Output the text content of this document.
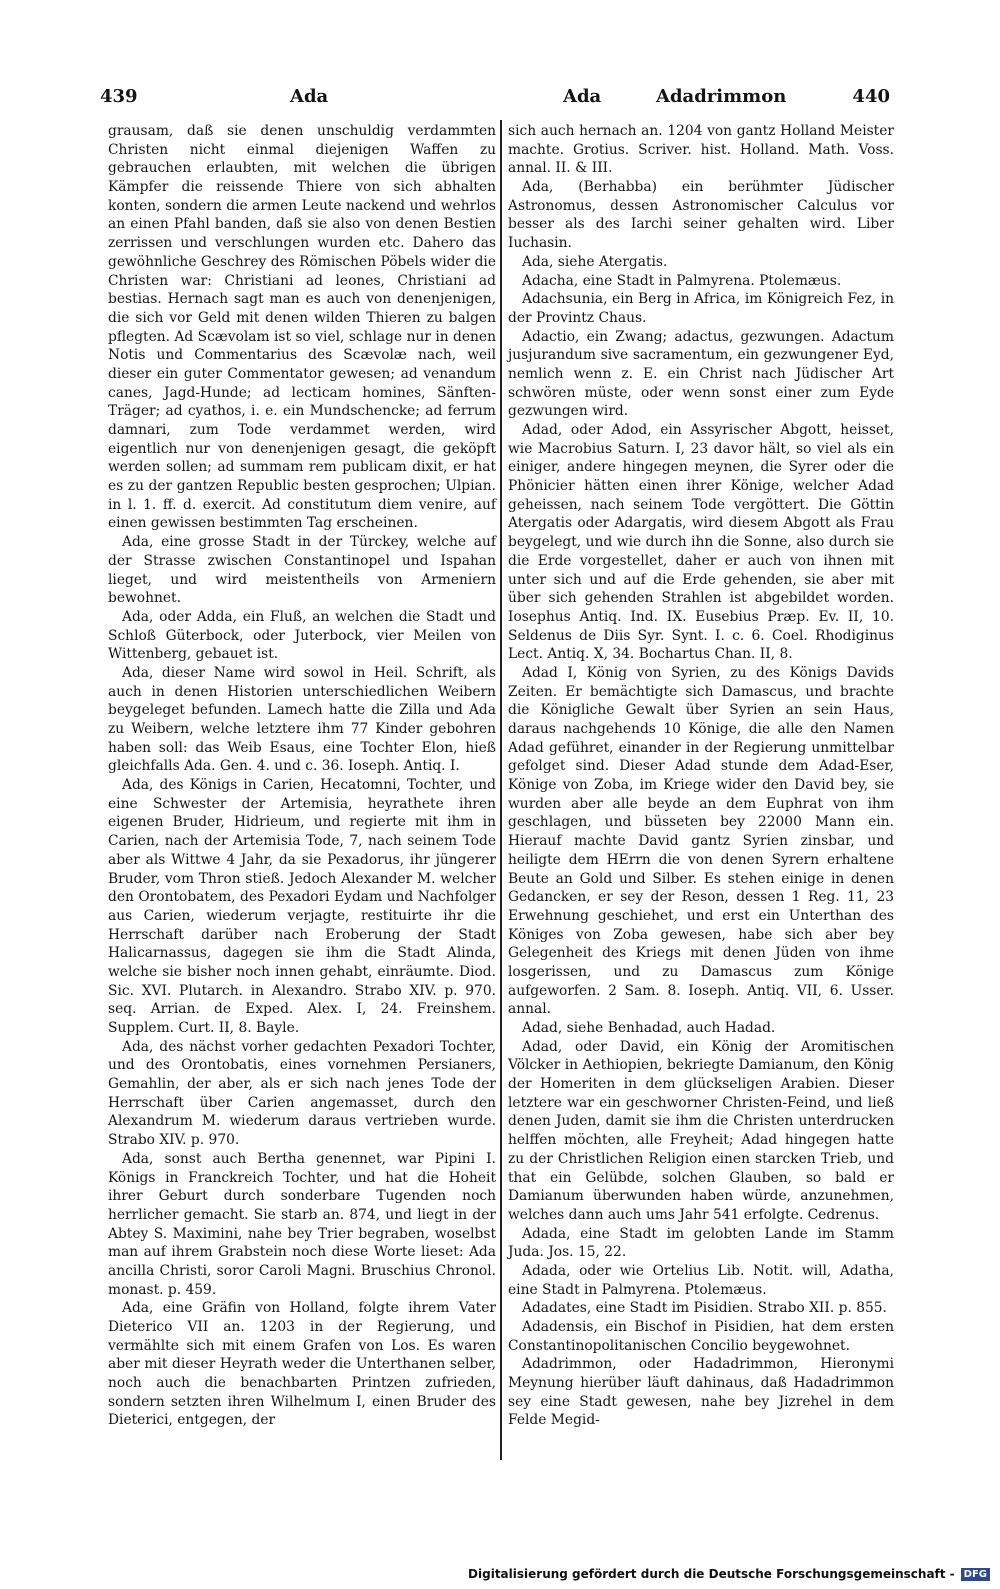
439	Ada	Ada	Adadrimmon	440

grausam, daß sie denen unschuldig verdammten Christen nicht einmal diejenigen Waffen zu gebrauchen erlaubten, mit welchen die übrigen Kämpfer die reissende Thiere von sich abhalten konten, sondern die armen Leute nackend und wehrlos an einen Pfahl banden, daß sie also von denen Bestien zerrissen und verschlungen wurden etc. Dahero das gewöhnliche Geschrey des Römischen Pöbels wider die Christen war: Christiani ad leones, Christiani ad bestias. Hernach sagt man es auch von denenjenigen, die sich vor Geld mit denen wilden Thieren zu balgen pflegten. Ad Scævolam ist so viel, schlage nur in denen Notis und Commentarius des Scævolæ nach, weil dieser ein guter Commentator gewesen; ad venandum canes, Jagd-Hunde; ad lecticam homines, Sänften-Träger; ad cyathos, i. e. ein Mundschencke; ad ferrum damnari, zum Tode verdammet werden, wird eigentlich nur von denenjenigen gesagt, die geköpft werden sollen; ad summam rem publicam dixit, er hat es zu der gantzen Republic besten gesprochen; Ulpian. in l. 1. ff. d. exercit. Ad constitutum diem venire, auf einen gewissen bestimmten Tag erscheinen.

Ada, eine grosse Stadt in der Türckey, welche auf der Strasse zwischen Constantinopel und Ispahan lieget, und wird meistentheils von Armeniern bewohnet.

Ada, oder Adda, ein Fluß, an welchen die Stadt und Schloß Güterbock, oder Juterbock, vier Meilen von Wittenberg, gebauet ist.

Ada, dieser Name wird sowol in Heil. Schrift, als auch in denen Historien unterschiedlichen Weibern beygeleget befunden. Lamech hatte die Zilla und Ada zu Weibern, welche letztere ihm 77 Kinder gebohren haben soll: das Weib Esaus, eine Tochter Elon, hieß gleichfalls Ada. Gen. 4. und c. 36. Ioseph. Antiq. I.

Ada, des Königs in Carien, Hecatomni, Tochter, und eine Schwester der Artemisia, heyrathete ihren eigenen Bruder, Hidrieum, und regierte mit ihm in Carien, nach der Artemisia Tode, 7, nach seinem Tode aber als Wittwe 4 Jahr, da sie Pexadorus, ihr jüngerer Bruder, vom Thron stieß. Jedoch Alexander M. welcher den Orontobatem, des Pexadori Eydam und Nachfolger aus Carien, wiederum verjagte, restituirte ihr die Herrschaft darüber nach Eroberung der Stadt Halicarnassus, dagegen sie ihm die Stadt Alinda, welche sie bisher noch innen gehabt, einräumte. Diod. Sic. XVI. Plutarch. in Alexandro. Strabo XIV. p. 970. seq. Arrian. de Exped. Alex. I, 24. Freinshem. Supplem. Curt. II, 8. Bayle.

Ada, des nächst vorher gedachten Pexadori Tochter, und des Orontobatis, eines vornehmen Persianers, Gemahlin, der aber, als er sich nach jenes Tode der Herrschaft über Carien angemasset, durch den Alexandrum M. wiederum daraus vertrieben wurde. Strabo XIV. p. 970.

Ada, sonst auch Bertha genennet, war Pipini I. Königs in Franckreich Tochter, und hat die Hoheit ihrer Geburt durch sonderbare Tugenden noch herrlicher gemacht. Sie starb an. 874, und liegt in der Abtey S. Maximini, nahe bey Trier begraben, woselbst man auf ihrem Grabstein noch diese Worte lieset: Ada ancilla Christi, soror Caroli Magni. Bruschius Chronol. monast. p. 459.

Ada, eine Gräfin von Holland, folgte ihrem Vater Dieterico VII an. 1203 in der Regierung, und vermählte sich mit einem Grafen von Los. Es waren aber mit dieser Heyrath weder die Unterthanen selber, noch auch die benachbarten Printzen zufrieden, sondern setzten ihren Wilhelmum I, einen Bruder des Dieterici, entgegen, der

sich auch hernach an. 1204 von gantz Holland Meister machte. Grotius. Scriver. hist. Holland. Math. Voss. annal. II. & III.

Ada, (Berhabba) ein berühmter Jüdischer Astronomus, dessen Astronomischer Calculus vor besser als des Iarchi seiner gehalten wird. Liber Iuchasin.

Ada, siehe Atergatis.

Adacha, eine Stadt in Palmyrena. Ptolemæus.

Adachsunia, ein Berg in Africa, im Königreich Fez, in der Provintz Chaus.

Adactio, ein Zwang; adactus, gezwungen. Adactum jusjurandum sive sacramentum, ein gezwungener Eyd, nemlich wenn z. E. ein Christ nach Jüdischer Art schwören müste, oder wenn sonst einer zum Eyde gezwungen wird.

Adad, oder Adod, ein Assyrischer Abgott, heisset, wie Macrobius Saturn. I, 23 davor hält, so viel als ein einiger, andere hingegen meynen, die Syrer oder die Phönicier hätten einen ihrer Könige, welcher Adad geheissen, nach seinem Tode vergöttert. Die Göttin Atergatis oder Adargatis, wird diesem Abgott als Frau beygelegt, und wie durch ihn die Sonne, also durch sie die Erde vorgestellet, daher er auch von ihnen mit unter sich und auf die Erde gehenden, sie aber mit über sich gehenden Strahlen ist abgebildet worden. Iosephus Antiq. Ind. IX. Eusebius Præp. Ev. II, 10. Seldenus de Diis Syr. Synt. I. c. 6. Coel. Rhodiginus Lect. Antiq. X, 34. Bochartus Chan. II, 8.

Adad I, König von Syrien, zu des Königs Davids Zeiten. Er bemächtigte sich Damascus, und brachte die Königliche Gewalt über Syrien an sein Haus, daraus nachgehends 10 Könige, die alle den Namen Adad geführet, einander in der Regierung unmittelbar gefolget sind. Dieser Adad stunde dem Adad-Eser, Könige von Zoba, im Kriege wider den David bey, sie wurden aber alle beyde an dem Euphrat von ihm geschlagen, und büsseten bey 22000 Mann ein. Hierauf machte David gantz Syrien zinsbar, und heiligte dem HErrn die von denen Syrern erhaltene Beute an Gold und Silber. Es stehen einige in denen Gedancken, er sey der Reson, dessen 1 Reg. 11, 23 Erwehnung geschiehet, und erst ein Unterthan des Königes von Zoba gewesen, habe sich aber bey Gelegenheit des Kriegs mit denen Jüden von ihme losgerissen, und zu Damascus zum Könige aufgeworfen. 2 Sam. 8. Ioseph. Antiq. VII, 6. Usser. annal.

Adad, siehe Benhadad, auch Hadad.

Adad, oder David, ein König der Aromitischen Völcker in Aethiopien, bekriegte Damianum, den König der Homeriten in dem glückseligen Arabien. Dieser letztere war ein geschworner Christen-Feind, und ließ denen Juden, damit sie ihm die Christen unterdrucken helffen möchten, alle Freyheit; Adad hingegen hatte zu der Christlichen Religion einen starcken Trieb, und that ein Gelübde, solchen Glauben, so bald er Damianum überwunden haben würde, anzunehmen, welches dann auch ums Jahr 541 erfolgte. Cedrenus.

Adada, eine Stadt im gelobten Lande im Stamm Juda. Jos. 15, 22.

Adada, oder wie Ortelius Lib. Notit. will, Adatha, eine Stadt in Palmyrena. Ptolemæus.

Adadates, eine Stadt im Pisidien. Strabo XII. p. 855.

Adadensis, ein Bischof in Pisidien, hat dem ersten Constantinopolitanischen Concilio beygewohnet.

Adadrimmon, oder Hadadrimmon, Hieronymi Meynung hierüber läuft dahinaus, daß Hadadrimmon sey eine Stadt gewesen, nahe bey Jizrehel in dem Felde Megid-

Digitalisierung gefördert durch die Deutsche Forschungsgemeinschaft - DFG
